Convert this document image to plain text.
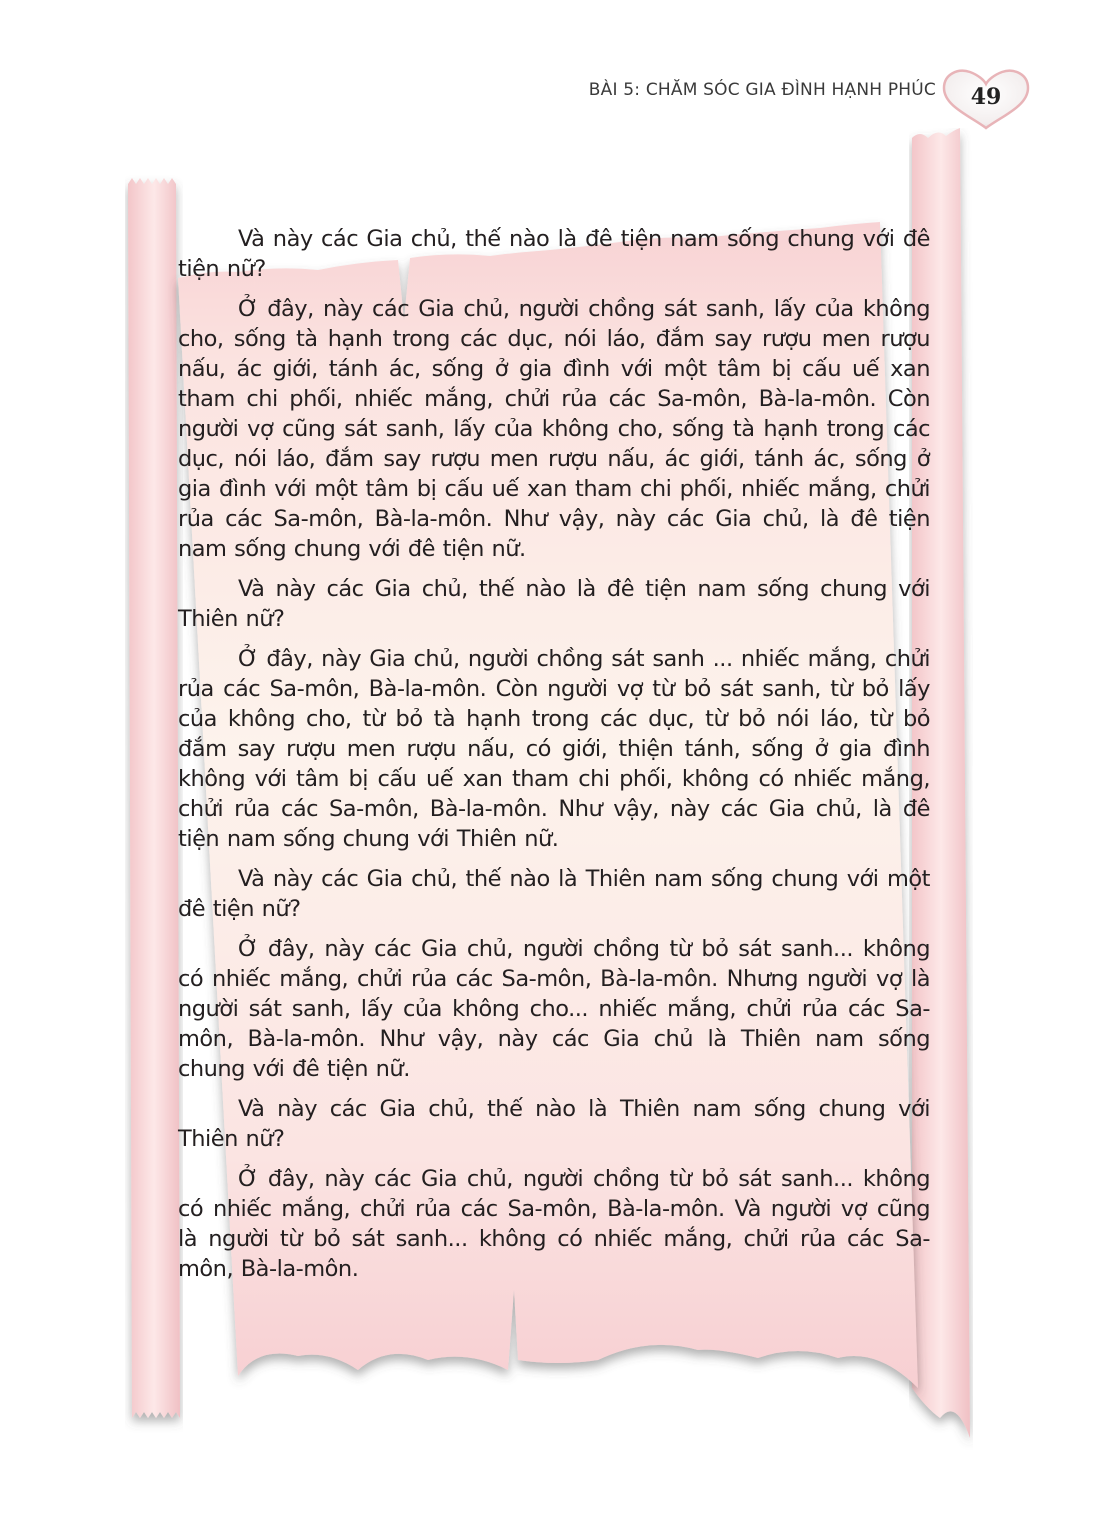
BÀI 5: CHĂM SÓC GIA ĐÌNH HẠNH PHÚC	49

Và này các Gia chủ, thế nào là đê tiện nam sống chung với đê tiện nữ?

Ở đây, này các Gia chủ, người chồng sát sanh, lấy của không cho, sống tà hạnh trong các dục, nói láo, đắm say rượu men rượu nấu, ác giới, tánh ác, sống ở gia đình với một tâm bị cấu uế xan tham chi phối, nhiếc mắng, chửi rủa các Sa-môn, Bà-la-môn. Còn người vợ cũng sát sanh, lấy của không cho, sống tà hạnh trong các dục, nói láo, đắm say rượu men rượu nấu, ác giới, tánh ác, sống ở gia đình với một tâm bị cấu uế xan tham chi phối, nhiếc mắng, chửi rủa các Sa-môn, Bà-la-môn. Như vậy, này các Gia chủ, là đê tiện nam sống chung với đê tiện nữ.

Và này các Gia chủ, thế nào là đê tiện nam sống chung với Thiên nữ?

Ở đây, này Gia chủ, người chồng sát sanh ... nhiếc mắng, chửi rủa các Sa-môn, Bà-la-môn. Còn người vợ từ bỏ sát sanh, từ bỏ lấy của không cho, từ bỏ tà hạnh trong các dục, từ bỏ nói láo, từ bỏ đắm say rượu men rượu nấu, có giới, thiện tánh, sống ở gia đình không với tâm bị cấu uế xan tham chi phối, không có nhiếc mắng, chửi rủa các Sa-môn, Bà-la-môn. Như vậy, này các Gia chủ, là đê tiện nam sống chung với Thiên nữ.

Và này các Gia chủ, thế nào là Thiên nam sống chung với một đê tiện nữ?

Ở đây, này các Gia chủ, người chồng từ bỏ sát sanh... không có nhiếc mắng, chửi rủa các Sa-môn, Bà-la-môn. Nhưng người vợ là người sát sanh, lấy của không cho... nhiếc mắng, chửi rủa các Sa-môn, Bà-la-môn. Như vậy, này các Gia chủ là Thiên nam sống chung với đê tiện nữ.

Và này các Gia chủ, thế nào là Thiên nam sống chung với Thiên nữ?

Ở đây, này các Gia chủ, người chồng từ bỏ sát sanh... không có nhiếc mắng, chửi rủa các Sa-môn, Bà-la-môn. Và người vợ cũng là người từ bỏ sát sanh... không có nhiếc mắng, chửi rủa các Sa-môn, Bà-la-môn.
